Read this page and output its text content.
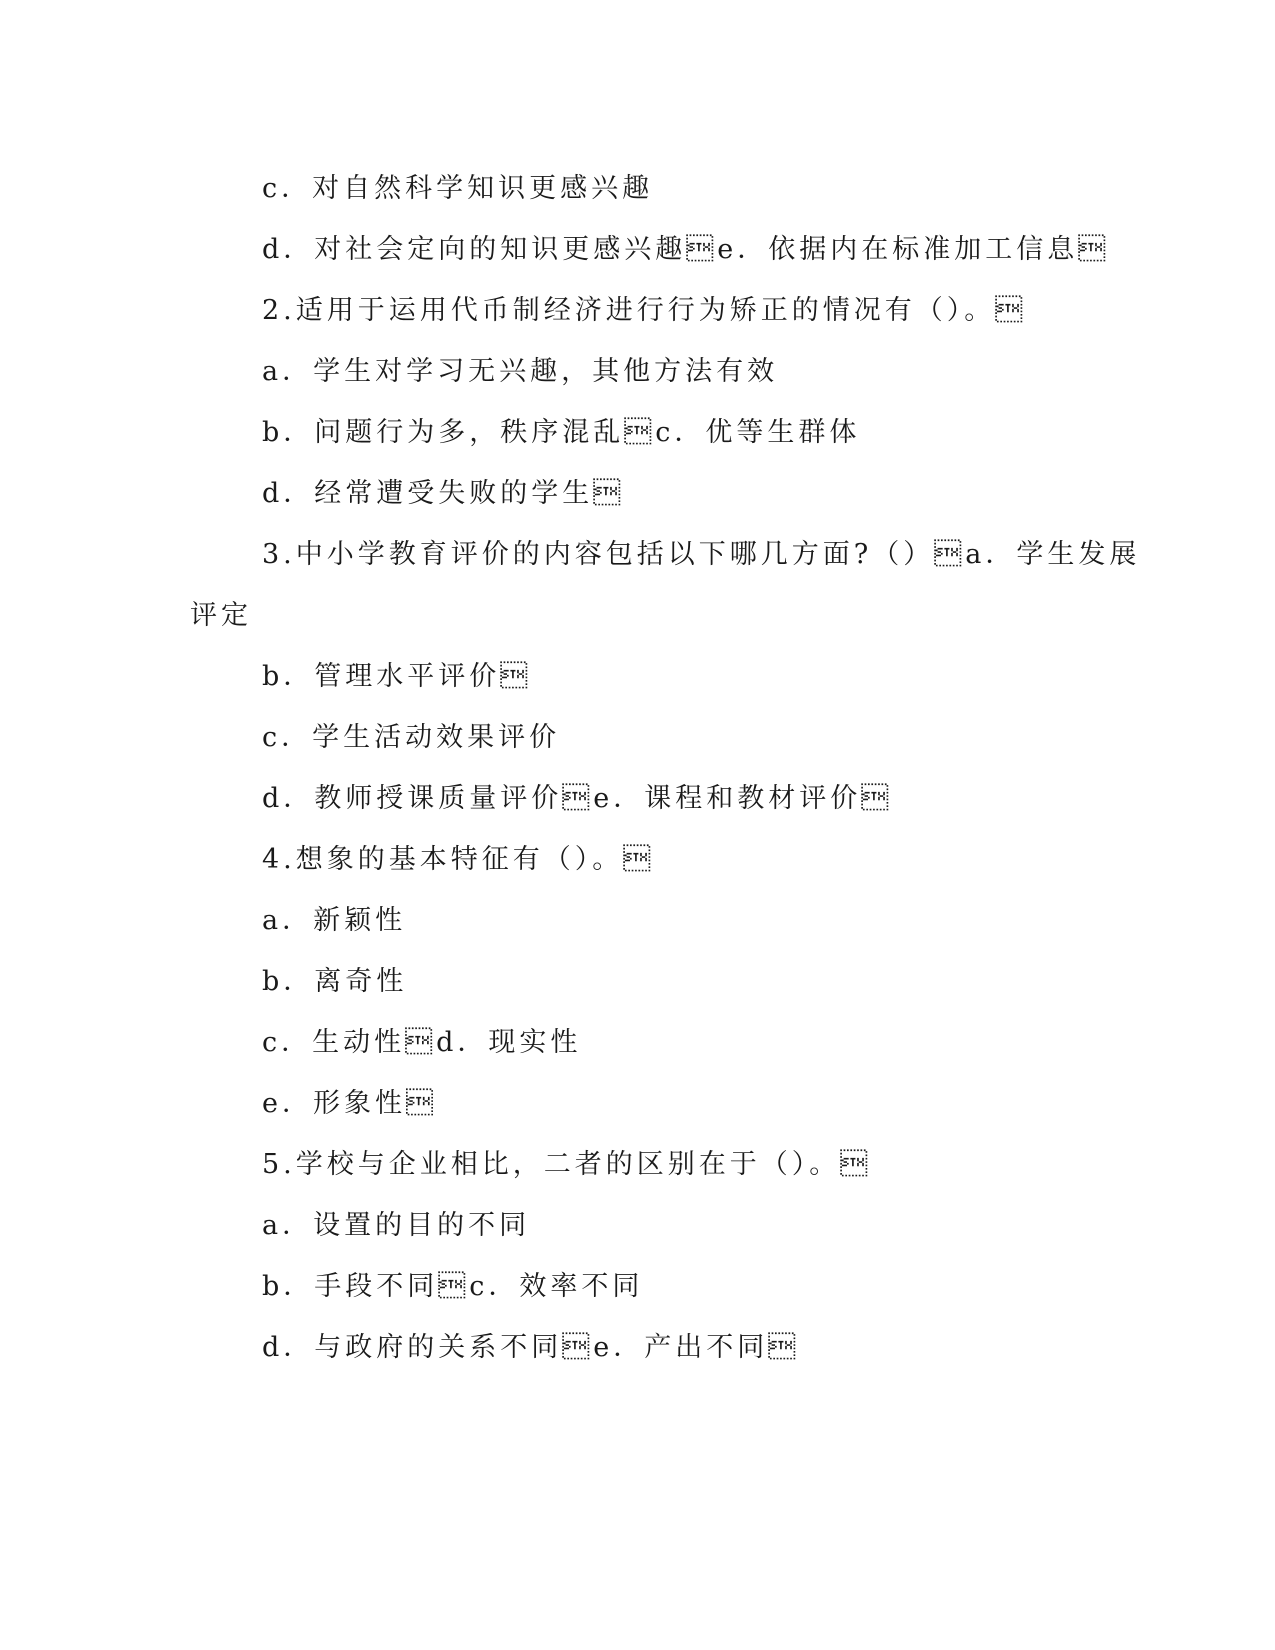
c．对自然科学知识更感兴趣
d．对社会定向的知识更感兴趣e．依据内在标准加工信息
2.适用于运用代币制经济进行行为矫正的情况有（）。
a．学生对学习无兴趣，其他方法有效
b．问题行为多，秩序混乱c．优等生群体
d．经常遭受失败的学生
3.中小学教育评价的内容包括以下哪几方面?（）a．学生发展
评定
b．管理水平评价
c．学生活动效果评价
d．教师授课质量评价e．课程和教材评价
4.想象的基本特征有（）。
a．新颖性
b．离奇性
c．生动性d．现实性
e．形象性
5.学校与企业相比，二者的区别在于（）。
a．设置的目的不同
b．手段不同c．效率不同
d．与政府的关系不同e．产出不同
